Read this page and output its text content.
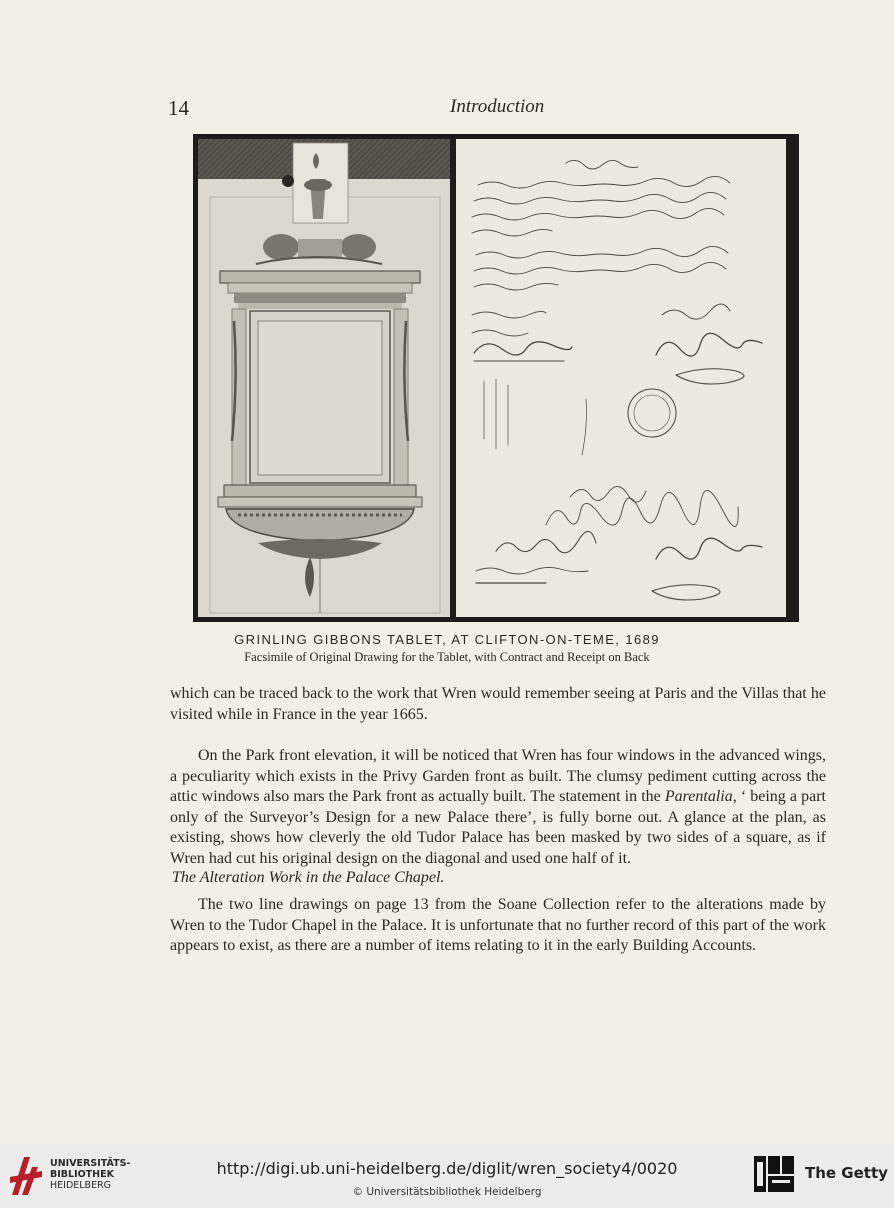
14	Introduction
GRINLING GIBBONS TABLET, AT CLIFTON-ON-TEME, 1689
Facsimile of Original Drawing for the Tablet, with Contract and Receipt on Back
which can be traced back to the work that Wren would remember seeing at Paris and the Villas that he visited while in France in the year 1665.
On the Park front elevation, it will be noticed that Wren has four windows in the advanced wings, a peculiarity which exists in the Privy Garden front as built. The clumsy pediment cutting across the attic windows also mars the Park front as actually built. The statement in the Parentalia, ‘ being a part only of the Surveyor’s Design for a new Palace there’, is fully borne out. A glance at the plan, as existing, shows how cleverly the old Tudor Palace has been masked by two sides of a square, as if Wren had cut his original design on the diagonal and used one half of it.
The Alteration Work in the Palace Chapel.
The two line drawings on page 13 from the Soane Collection refer to the alterations made by Wren to the Tudor Chapel in the Palace. It is unfortunate that no further record of this part of the work appears to exist, as there are a number of items relating to it in the early Building Accounts.
UNIVERSITÄTS-
BIBLIOTHEK
HEIDELBERG
http://digi.ub.uni-heidelberg.de/diglit/wren_society4/0020
© Universitätsbibliothek Heidelberg
The Getty
